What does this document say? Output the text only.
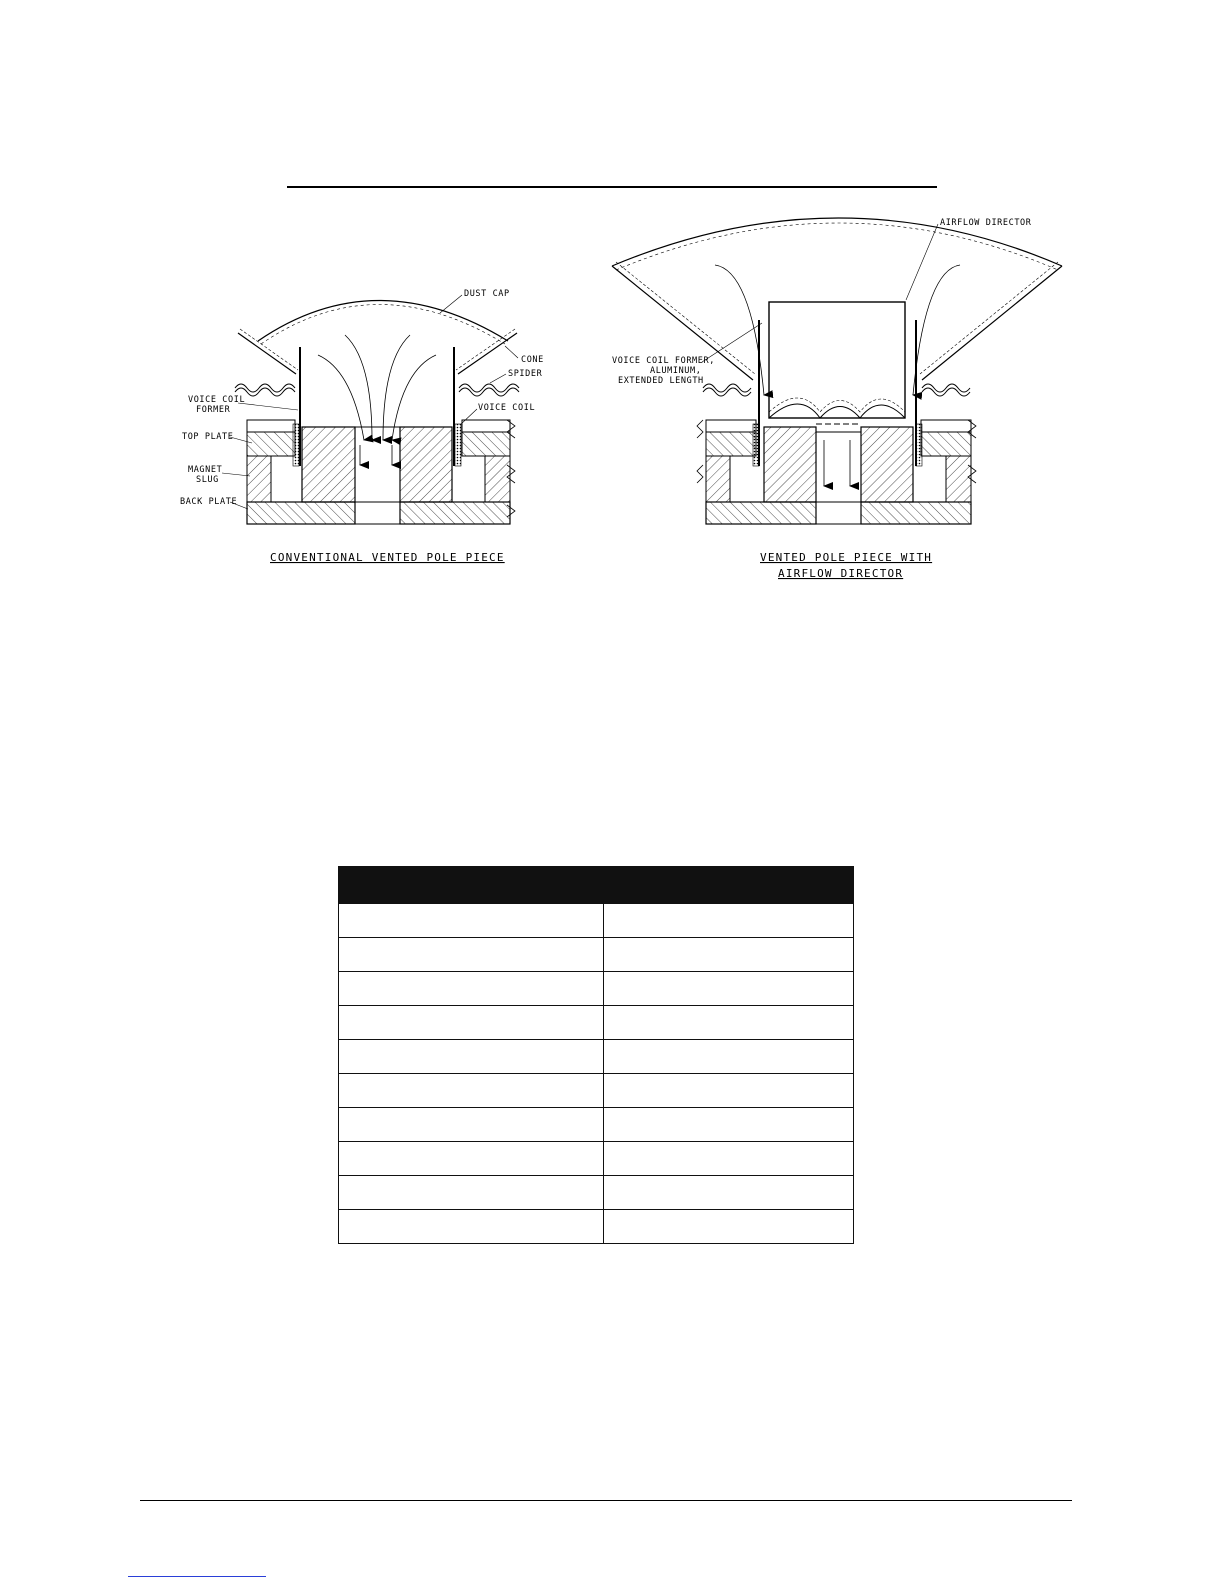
DUST CAP
CONE
SPIDER
VOICE COIL
VOICE COIL
FORMER
TOP PLATE
MAGNET
SLUG
BACK PLATE
CONVENTIONAL VENTED POLE PIECE
AIRFLOW DIRECTOR
VOICE COIL FORMER,
ALUMINUM,
EXTENDED LENGTH
VENTED POLE PIECE WITH
AIRFLOW DIRECTOR
